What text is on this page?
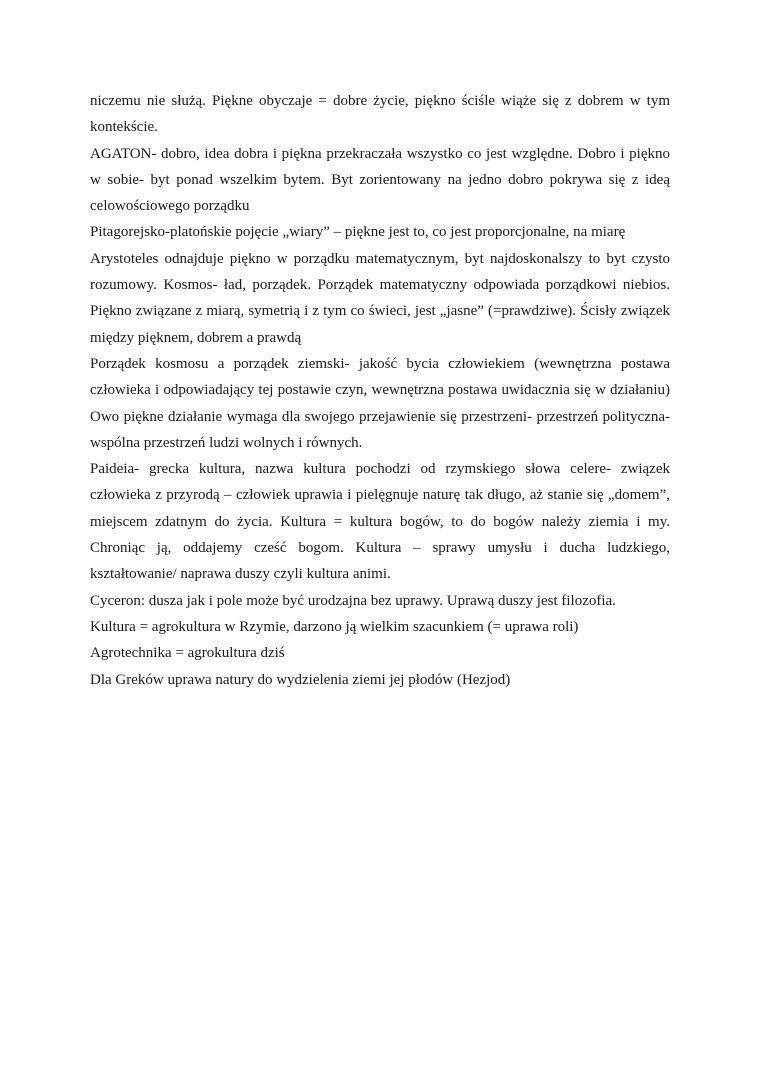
niczemu nie służą. Piękne obyczaje = dobre życie, piękno ściśle wiąże się z dobrem w tym kontekście.

AGATON- dobro, idea dobra i piękna przekraczała wszystko co jest względne. Dobro i piękno w sobie- byt ponad wszelkim bytem. Byt zorientowany na jedno dobro pokrywa się z ideą celowościowego porządku

Pitagorejsko-platońskie pojęcie „wiary” – piękne jest to, co jest proporcjonalne, na miarę

Arystoteles odnajduje piękno w porządku matematycznym, byt najdoskonalszy to byt czysto rozumowy. Kosmos- ład, porządek. Porządek matematyczny odpowiada porządkowi niebios. Piękno związane z miarą, symetrią i z tym co świeci, jest „jasne” (=prawdziwe). Ścisły związek między pięknem, dobrem a prawdą

Porządek kosmosu a porządek ziemski- jakość bycia człowiekiem (wewnętrzna postawa człowieka i odpowiadający tej postawie czyn, wewnętrzna postawa uwidacznia się w działaniu) Owo piękne działanie wymaga dla swojego przejawienie się przestrzeni- przestrzeń polityczna- wspólna przestrzeń ludzi wolnych i równych.

Paideia- grecka kultura, nazwa kultura pochodzi od rzymskiego słowa celere- związek człowieka z przyrodą – człowiek uprawia i pielęgnuje naturę tak długo, aż stanie się „domem”, miejscem zdatnym do życia. Kultura = kultura bogów, to do bogów należy ziemia i my. Chroniąc ją, oddajemy cześć bogom. Kultura – sprawy umysłu i ducha ludzkiego, kształtowanie/ naprawa duszy czyli kultura animi.

Cyceron: dusza jak i pole może być urodzajna bez uprawy. Uprawą duszy jest filozofia.

Kultura = agrokultura w Rzymie, darzono ją wielkim szacunkiem (= uprawa roli)

Agrotechnika = agrokultura dziś

Dla Greków uprawa natury do wydzielenia ziemi jej płodów (Hezjod)
